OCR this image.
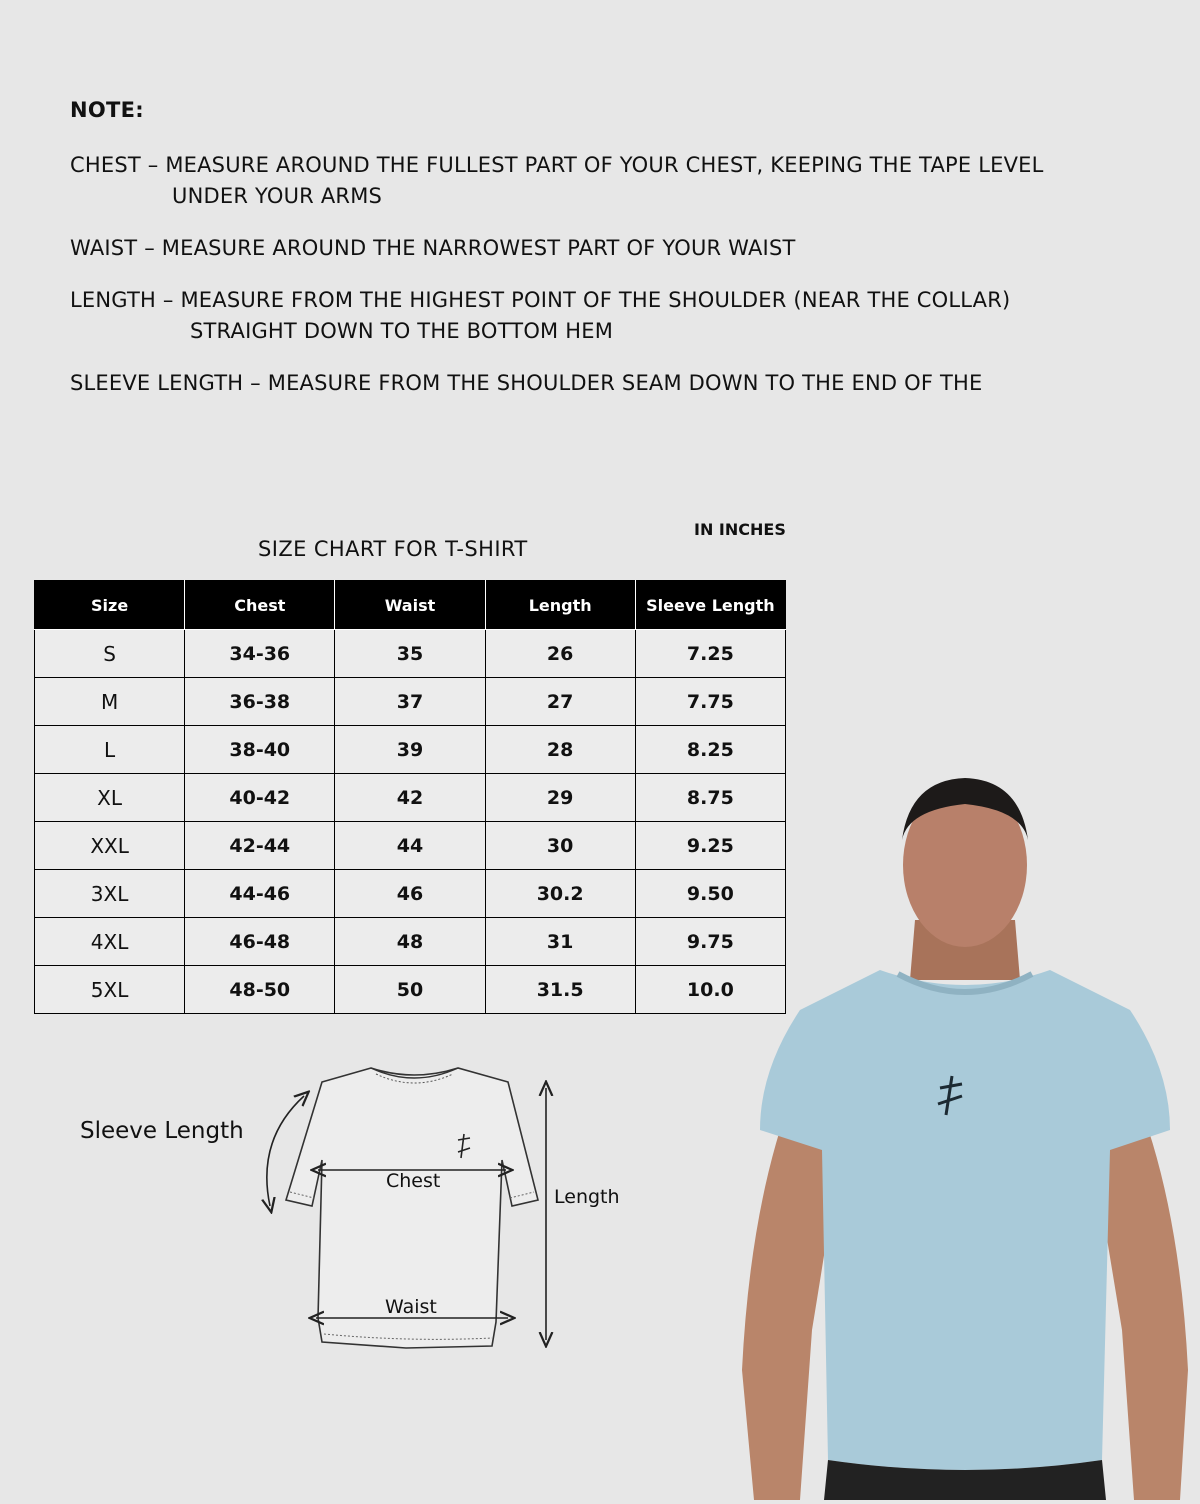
NOTE:
CHEST – MEASURE AROUND THE FULLEST PART OF YOUR CHEST, KEEPING THE TAPE LEVEL
UNDER YOUR ARMS
WAIST – MEASURE AROUND THE NARROWEST PART OF YOUR WAIST
LENGTH – MEASURE FROM THE HIGHEST POINT OF THE SHOULDER (NEAR THE COLLAR)
STRAIGHT DOWN TO THE BOTTOM HEM
SLEEVE LENGTH – MEASURE FROM THE SHOULDER SEAM DOWN TO THE END OF THE
IN INCHES
SIZE CHART FOR T-SHIRT
Size	Chest	Waist	Length	Sleeve Length
S	34-36	35	26	7.25
M	36-38	37	27	7.75
L	38-40	39	28	8.25
XL	40-42	42	29	8.75
XXL	42-44	44	30	9.25
3XL	44-46	46	30.2	9.50
4XL	46-48	48	31	9.75
5XL	48-50	50	31.5	10.0
Sleeve Length
Chest
Length
Waist
